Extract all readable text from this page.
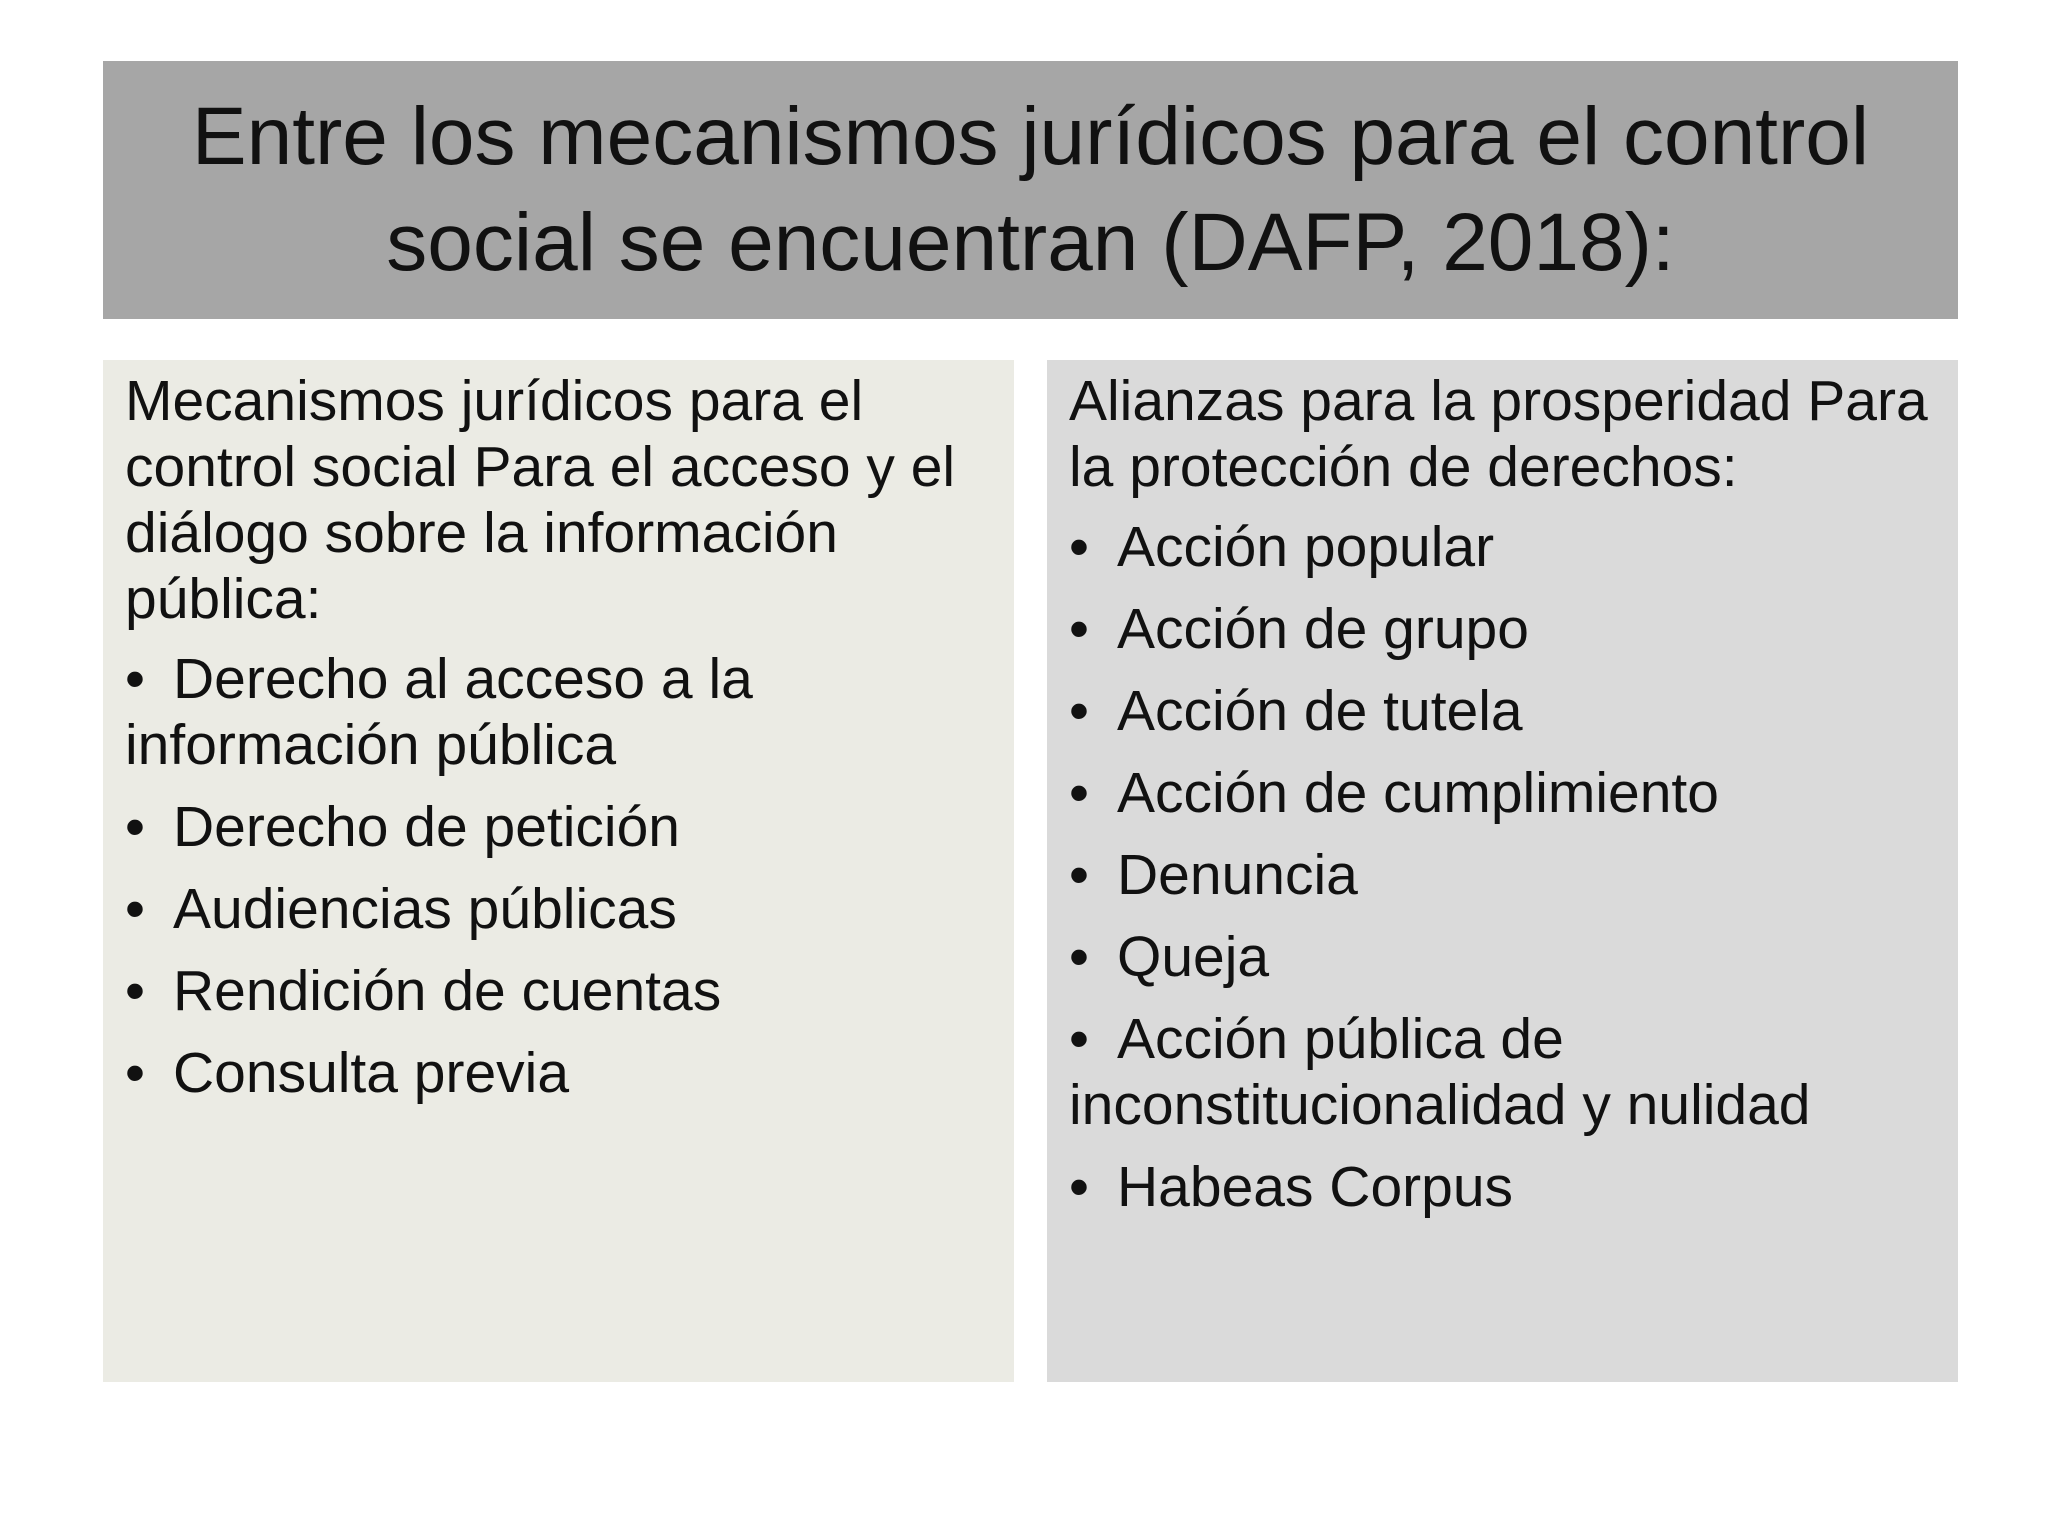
Entre los mecanismos jurídicos para el control social se encuentran (DAFP, 2018):
Mecanismos jurídicos para el control social Para el acceso y el diálogo sobre la información pública:
• Derecho al acceso a la información pública
• Derecho de petición
• Audiencias públicas
• Rendición de cuentas
• Consulta previa
Alianzas para la prosperidad Para la protección de derechos:
• Acción popular
• Acción de grupo
• Acción de tutela
• Acción de cumplimiento
• Denuncia
• Queja
• Acción pública de inconstitucionalidad y nulidad
• Habeas Corpus
